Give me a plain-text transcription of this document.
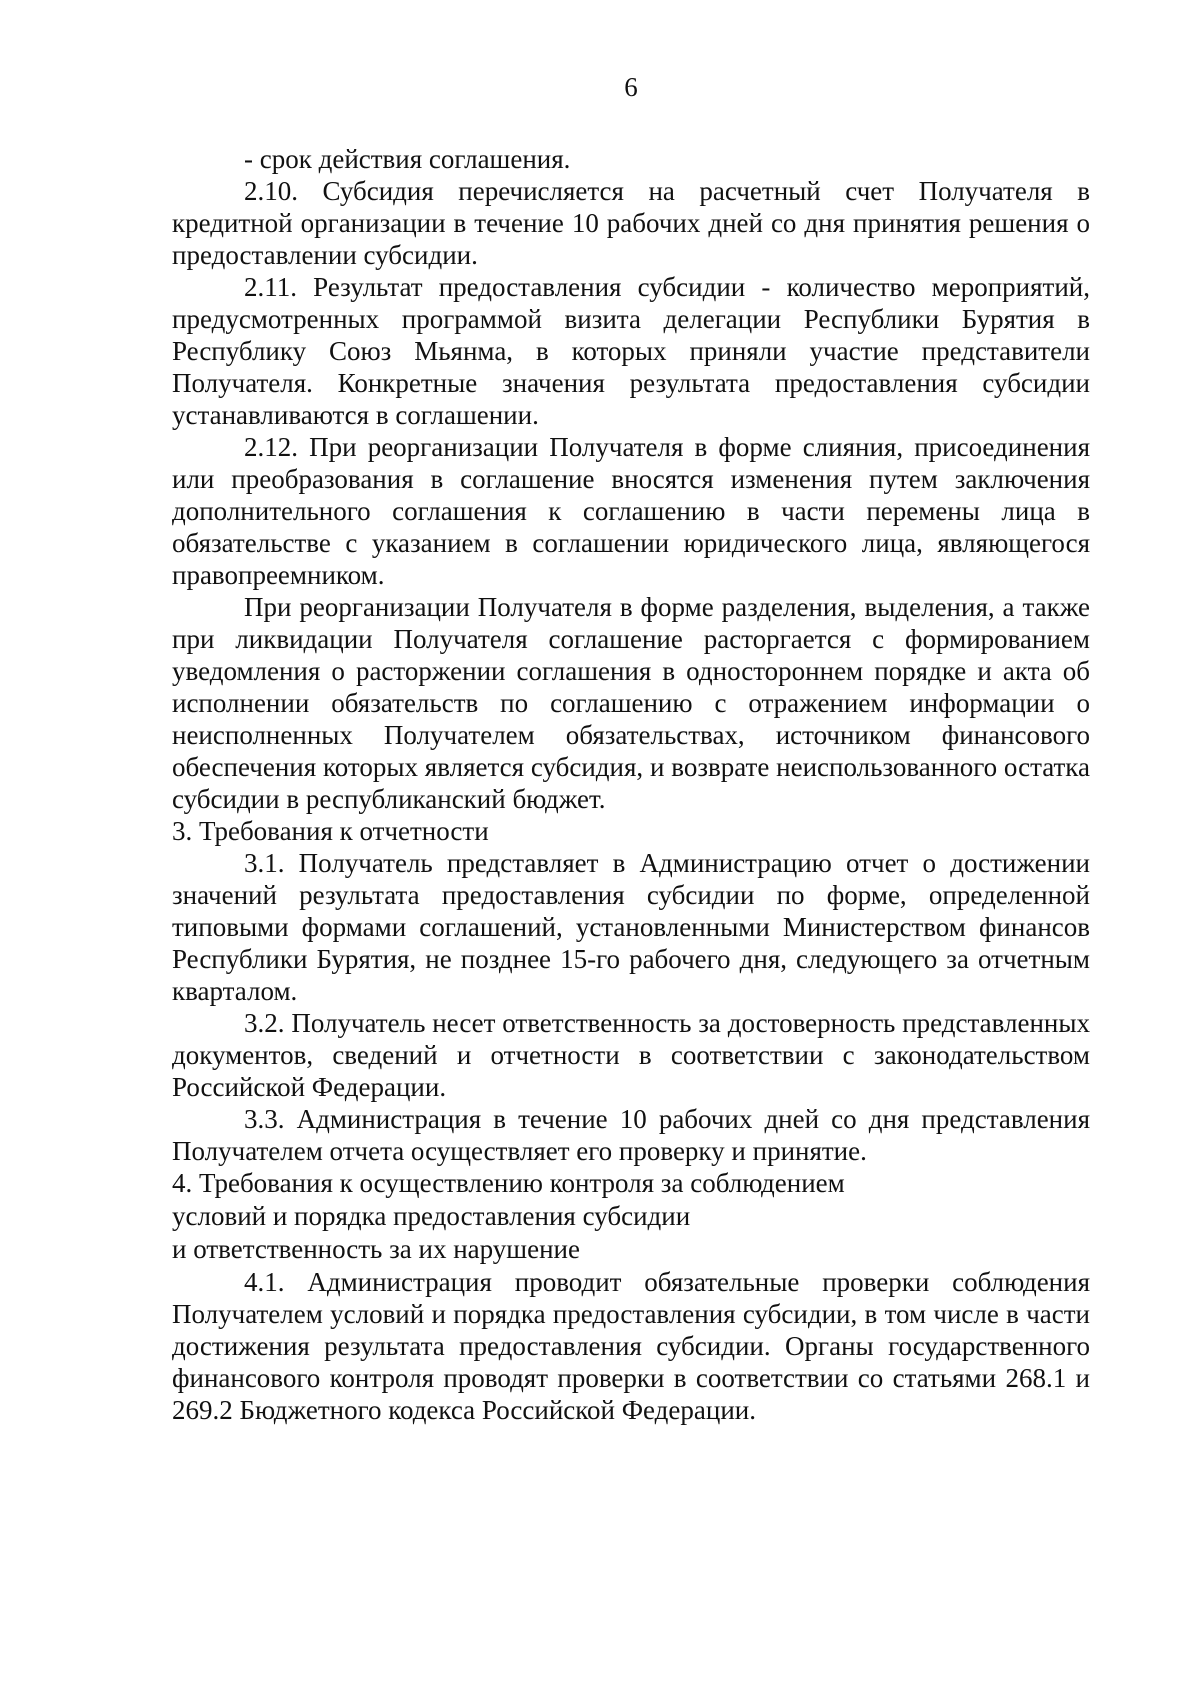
6

- срок действия соглашения.

2.10. Субсидия перечисляется на расчетный счет Получателя в кредитной организации в течение 10 рабочих дней со дня принятия решения о предоставлении субсидии.

2.11. Результат предоставления субсидии - количество мероприятий, предусмотренных программой визита делегации Республики Бурятия в Республику Союз Мьянма, в которых приняли участие представители Получателя. Конкретные значения результата предоставления субсидии устанавливаются в соглашении.

2.12. При реорганизации Получателя в форме слияния, присоединения или преобразования в соглашение вносятся изменения путем заключения дополнительного соглашения к соглашению в части перемены лица в обязательстве с указанием в соглашении юридического лица, являющегося правопреемником.

При реорганизации Получателя в форме разделения, выделения, а также при ликвидации Получателя соглашение расторгается с формированием уведомления о расторжении соглашения в одностороннем порядке и акта об исполнении обязательств по соглашению с отражением информации о неисполненных Получателем обязательствах, источником финансового обеспечения которых является субсидия, и возврате неиспользованного остатка субсидии в республиканский бюджет.

3. Требования к отчетности

3.1. Получатель представляет в Администрацию отчет о достижении значений результата предоставления субсидии по форме, определенной типовыми формами соглашений, установленными Министерством финансов Республики Бурятия, не позднее 15-го рабочего дня, следующего за отчетным кварталом.

3.2. Получатель несет ответственность за достоверность представленных документов, сведений и отчетности в соответствии с законодательством Российской Федерации.

3.3. Администрация в течение 10 рабочих дней со дня представления Получателем отчета осуществляет его проверку и принятие.

4. Требования к осуществлению контроля за соблюдением
условий и порядка предоставления субсидии
и ответственность за их нарушение

4.1. Администрация проводит обязательные проверки соблюдения Получателем условий и порядка предоставления субсидии, в том числе в части достижения результата предоставления субсидии. Органы государственного финансового контроля проводят проверки в соответствии со статьями 268.1 и 269.2 Бюджетного кодекса Российской Федерации.
